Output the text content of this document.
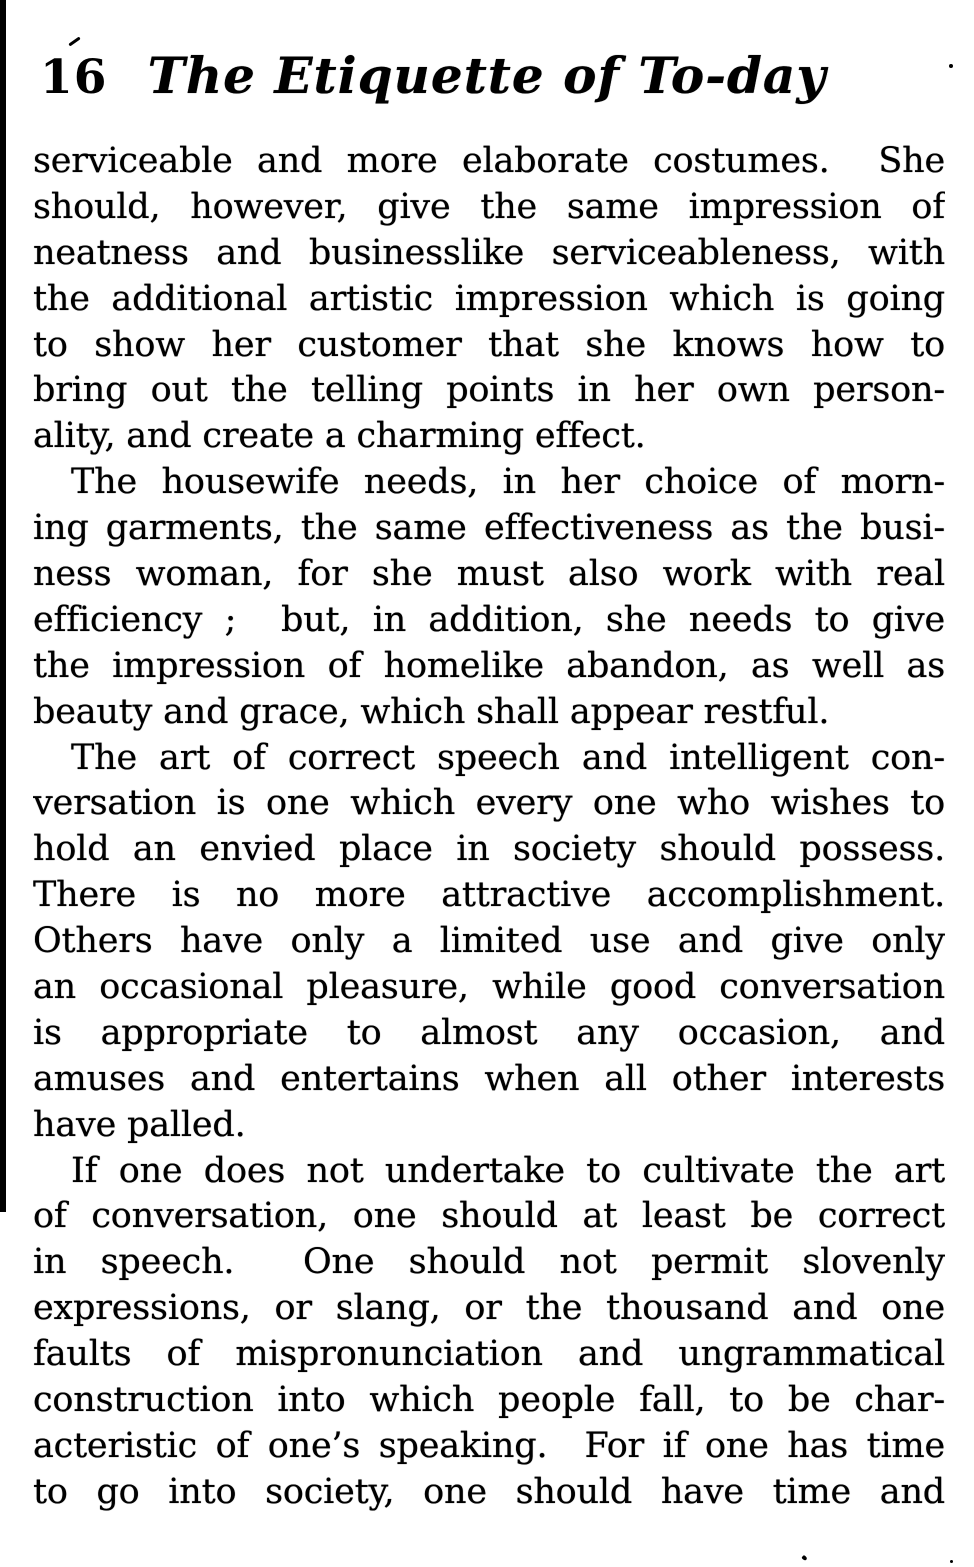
16 The Etiquette of To-day
serviceable and more elaborate costumes.  She
should, however, give the same impression of
neatness and businesslike serviceableness, with
the additional artistic impression which is going
to show her customer that she knows how to
bring out the telling points in her own person-
ality, and create a charming effect.
The housewife needs, in her choice of morn-
ing garments, the same effectiveness as the busi-
ness woman, for she must also work with real
efficiency ;  but, in addition, she needs to give
the impression of homelike abandon, as well as
beauty and grace, which shall appear restful.
The art of correct speech and intelligent con-
versation is one which every one who wishes to
hold an envied place in society should possess.
There is no more attractive accomplishment.
Others have only a limited use and give only
an occasional pleasure, while good conversation
is appropriate to almost any occasion, and
amuses and entertains when all other interests
have palled.
If one does not undertake to cultivate the art
of conversation, one should at least be correct
in speech.  One should not permit slovenly
expressions, or slang, or the thousand and one
faults of mispronunciation and ungrammatical
construction into which people fall, to be char-
acteristic of one’s speaking.  For if one has time
to go into society, one should have time and
